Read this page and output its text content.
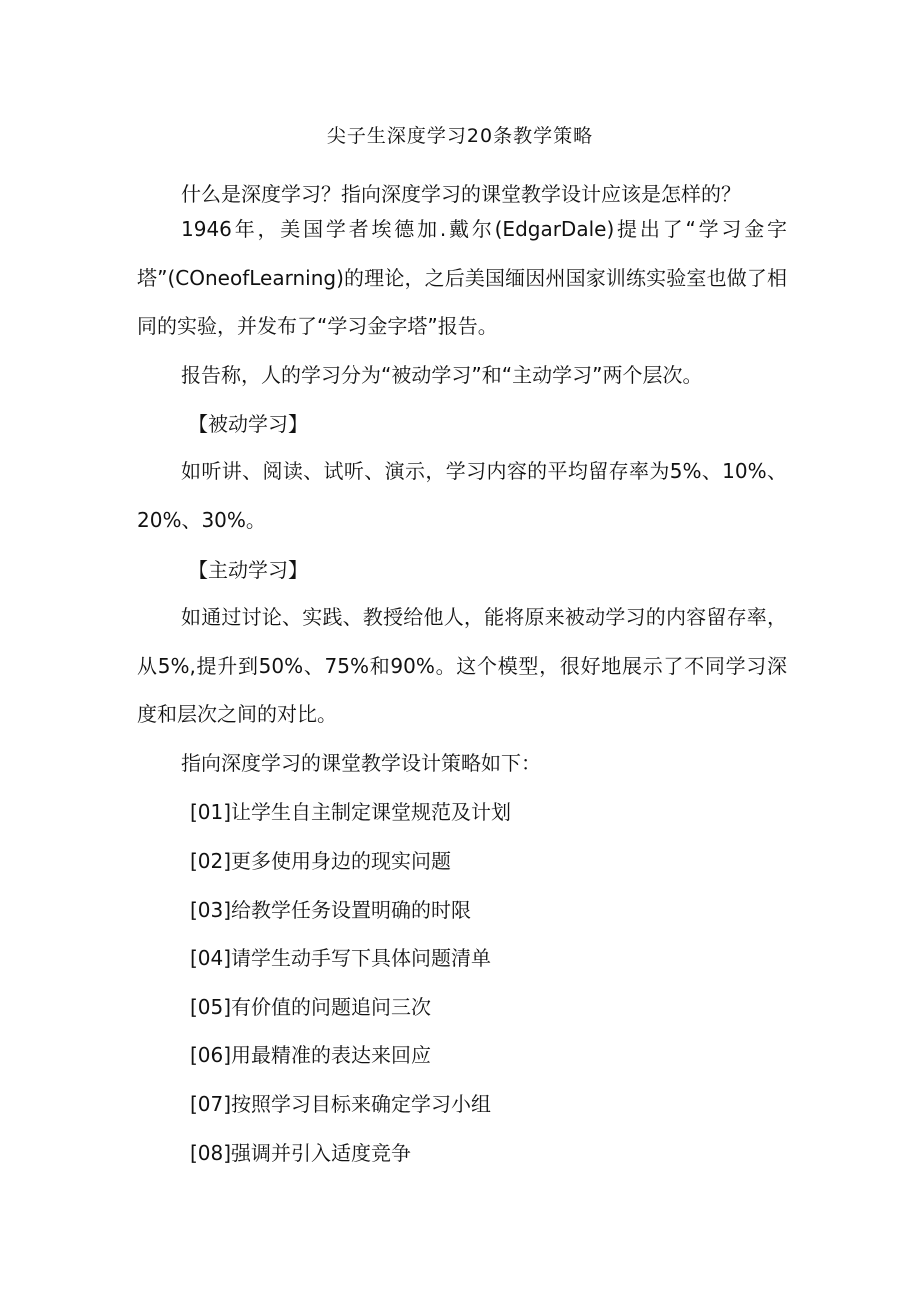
尖子生深度学习20条教学策略

什么是深度学习？指向深度学习的课堂教学设计应该是怎样的？

1946年，美国学者埃德加.戴尔(EdgarDale)提出了“学习金字塔”(COneofLearning)的理论，之后美国缅因州国家训练实验室也做了相同的实验，并发布了“学习金字塔”报告。

报告称，人的学习分为“被动学习”和“主动学习”两个层次。

【被动学习】

如听讲、阅读、试听、演示，学习内容的平均留存率为5%、10%、20%、30%。

【主动学习】

如通过讨论、实践、教授给他人，能将原来被动学习的内容留存率，从5%,提升到50%、75%和90%。这个模型，很好地展示了不同学习深度和层次之间的对比。

指向深度学习的课堂教学设计策略如下：

[01]让学生自主制定课堂规范及计划
[02]更多使用身边的现实问题
[03]给教学任务设置明确的时限
[04]请学生动手写下具体问题清单
[05]有价值的问题追问三次
[06]用最精准的表达来回应
[07]按照学习目标来确定学习小组
[08]强调并引入适度竞争
